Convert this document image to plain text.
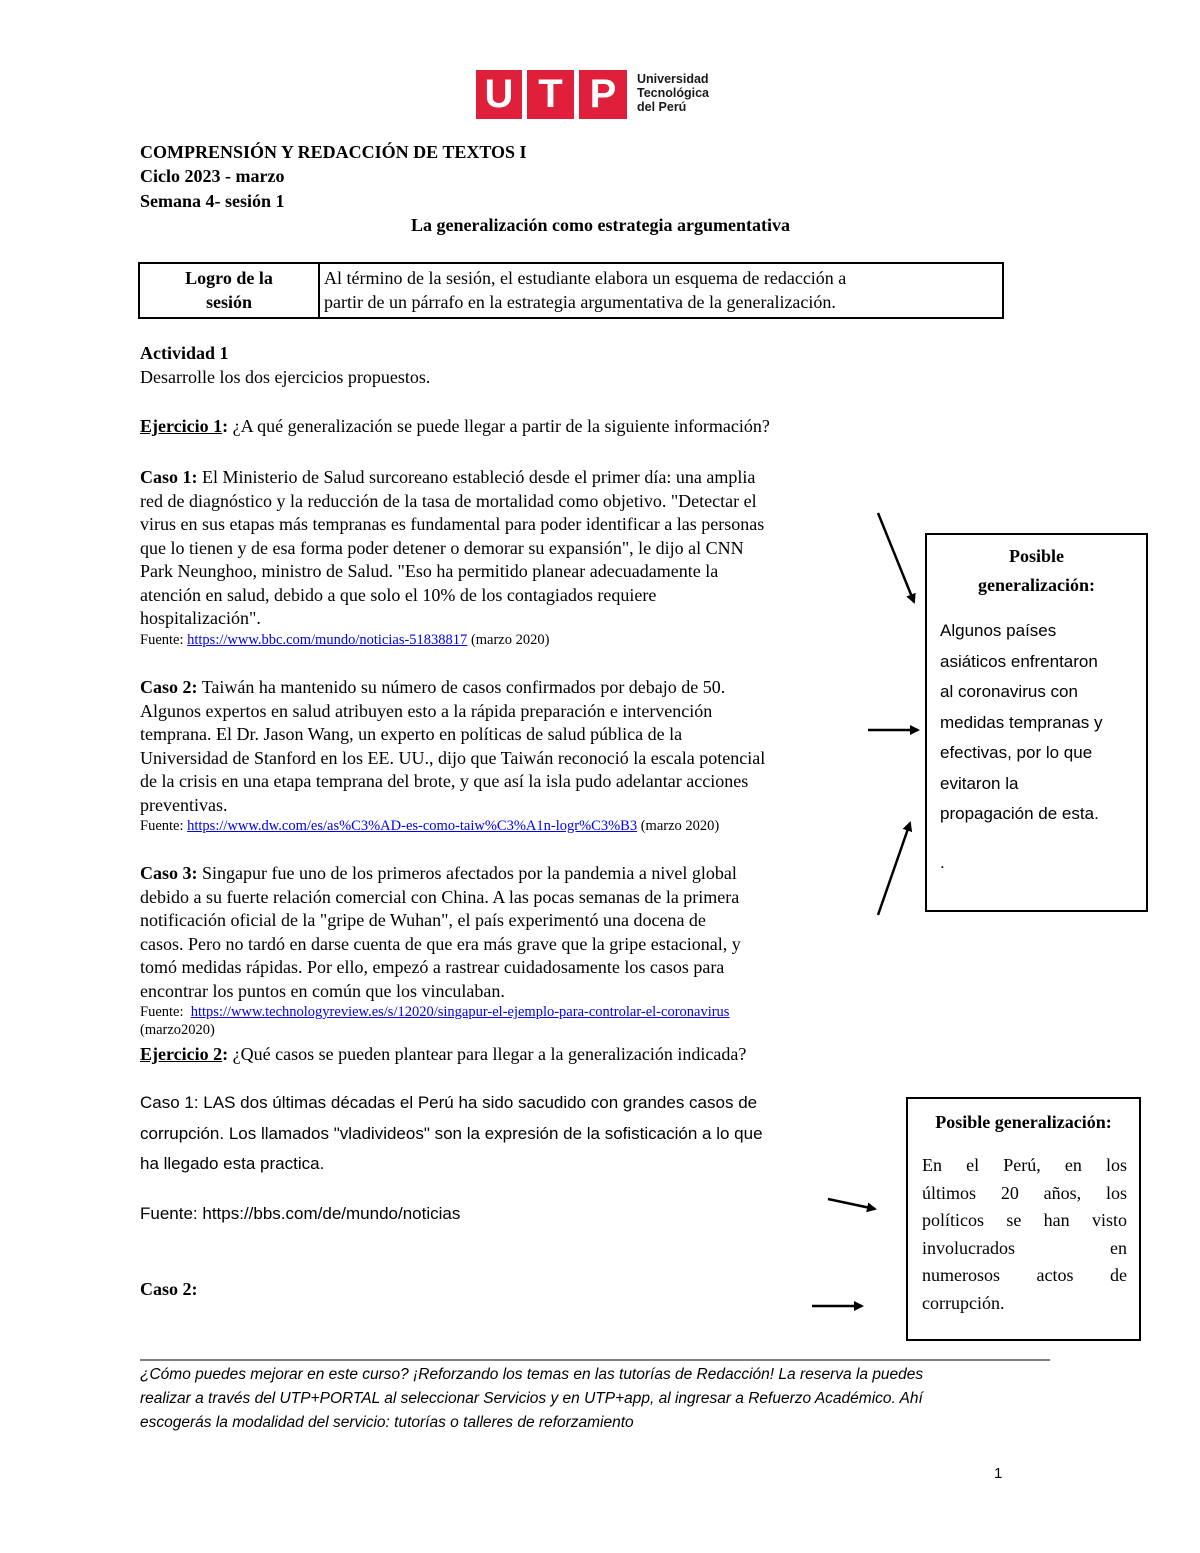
U T P	Universidad
Tecnológica
del Perú
COMPRENSIÓN Y REDACCIÓN DE TEXTOS I
Ciclo 2023 - marzo
Semana 4- sesión 1
La generalización como estrategia argumentativa
Logro de la
sesión
Al término de la sesión, el estudiante elabora un esquema de redacción a
partir de un párrafo en la estrategia argumentativa de la generalización.
Actividad 1
Desarrolle los dos ejercicios propuestos.
Ejercicio 1: ¿A qué generalización se puede llegar a partir de la siguiente información?
Caso 1: El Ministerio de Salud surcoreano estableció desde el primer día: una amplia
red de diagnóstico y la reducción de la tasa de mortalidad como objetivo. "Detectar el
virus en sus etapas más tempranas es fundamental para poder identificar a las personas
que lo tienen y de esa forma poder detener o demorar su expansión", le dijo al CNN
Park Neunghoo, ministro de Salud. "Eso ha permitido planear adecuadamente la
atención en salud, debido a que solo el 10% de los contagiados requiere
hospitalización".
Fuente: https://www.bbc.com/mundo/noticias-51838817 (marzo 2020)
Caso 2: Taiwán ha mantenido su número de casos confirmados por debajo de 50.
Algunos expertos en salud atribuyen esto a la rápida preparación e intervención
temprana. El Dr. Jason Wang, un experto en políticas de salud pública de la
Universidad de Stanford en los EE. UU., dijo que Taiwán reconoció la escala potencial
de la crisis en una etapa temprana del brote, y que así la isla pudo adelantar acciones
preventivas.
Fuente: https://www.dw.com/es/as%C3%AD-es-como-taiw%C3%A1n-logr%C3%B3 (marzo 2020)
Caso 3: Singapur fue uno de los primeros afectados por la pandemia a nivel global
debido a su fuerte relación comercial con China. A las pocas semanas de la primera
notificación oficial de la "gripe de Wuhan", el país experimentó una docena de
casos. Pero no tardó en darse cuenta de que era más grave que la gripe estacional, y
tomó medidas rápidas. Por ello, empezó a rastrear cuidadosamente los casos para
encontrar los puntos en común que los vinculaban.
Fuente: https://www.technologyreview.es/s/12020/singapur-el-ejemplo-para-controlar-el-coronavirus
(marzo2020)
Posible
generalización:
Algunos países
asiáticos enfrentaron
al coronavirus con
medidas tempranas y
efectivas, por lo que
evitaron la
propagación de esta.
.
Ejercicio 2: ¿Qué casos se pueden plantear para llegar a la generalización indicada?
Caso 1: LAS dos últimas décadas el Perú ha sido sacudido con grandes casos de
corrupción. Los llamados "vladivideos" son la expresión de la sofisticación a lo que
ha llegado esta practica.
Fuente: https://bbs.com/de/mundo/noticias
Caso 2:
Posible generalización:
En el Perú, en los
últimos 20 años, los
políticos se han visto
involucrados en
numerosos actos de
corrupción.
¿Cómo puedes mejorar en este curso? ¡Reforzando los temas en las tutorías de Redacción! La reserva la puedes
realizar a través del UTP+PORTAL al seleccionar Servicios y en UTP+app, al ingresar a Refuerzo Académico. Ahí
escogerás la modalidad del servicio: tutorías o talleres de reforzamiento
1
